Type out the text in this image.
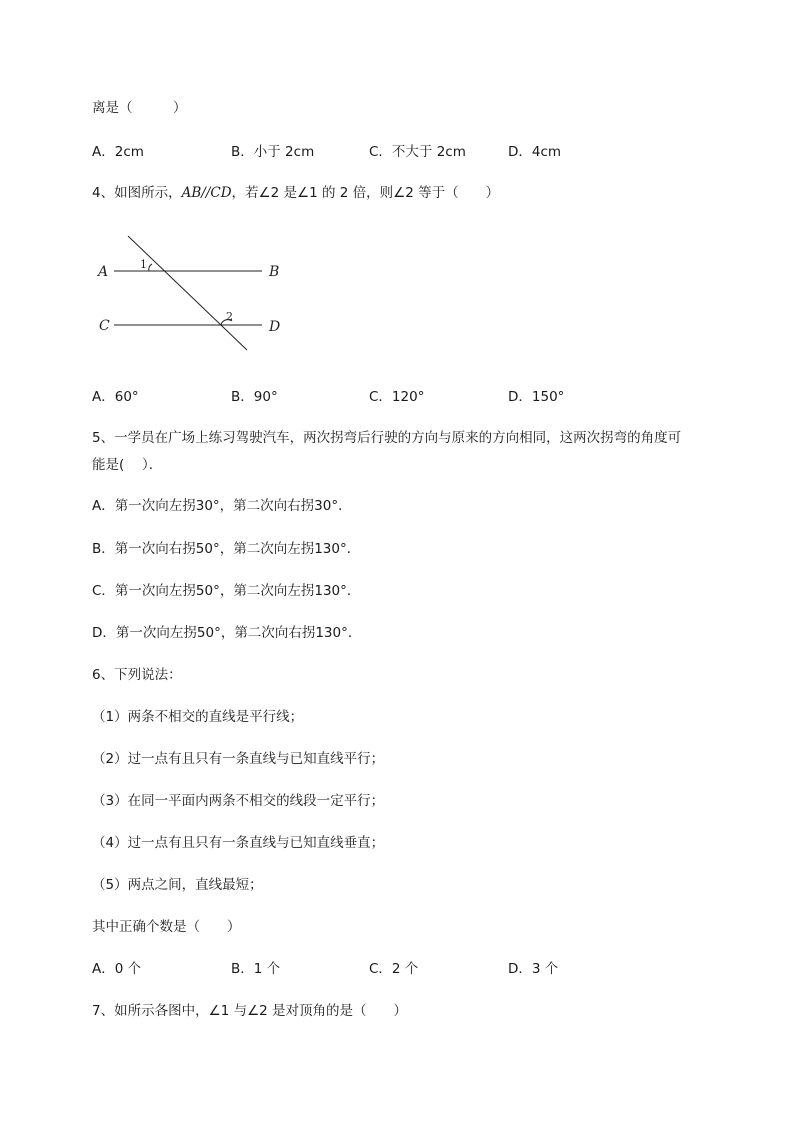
离是（　　　）
A．2cm	B．小于 2cm	C．不大于 2cm	D．4cm
4、如图所示，AB//CD，若∠2 是∠1 的 2 倍，则∠2 等于（　　）
A	B
C	D
1
2
A．60°	B．90°	C．120°	D．150°
5、一学员在广场上练习驾驶汽车，两次拐弯后行驶的方向与原来的方向相同，这两次拐弯的角度可
能是(　 ）．
A．第一次向左拐30°，第二次向右拐30°．
B．第一次向右拐50°，第二次向左拐130°．
C．第一次向左拐50°，第二次向左拐130°．
D．第一次向左拐50°，第二次向右拐130°．
6、下列说法：
（1）两条不相交的直线是平行线；
（2）过一点有且只有一条直线与已知直线平行；
（3）在同一平面内两条不相交的线段一定平行；
（4）过一点有且只有一条直线与已知直线垂直；
（5）两点之间，直线最短；
其中正确个数是（　　）
A．0 个	B．1 个	C．2 个	D．3 个
7、如所示各图中，∠1 与∠2 是对顶角的是（　　）
